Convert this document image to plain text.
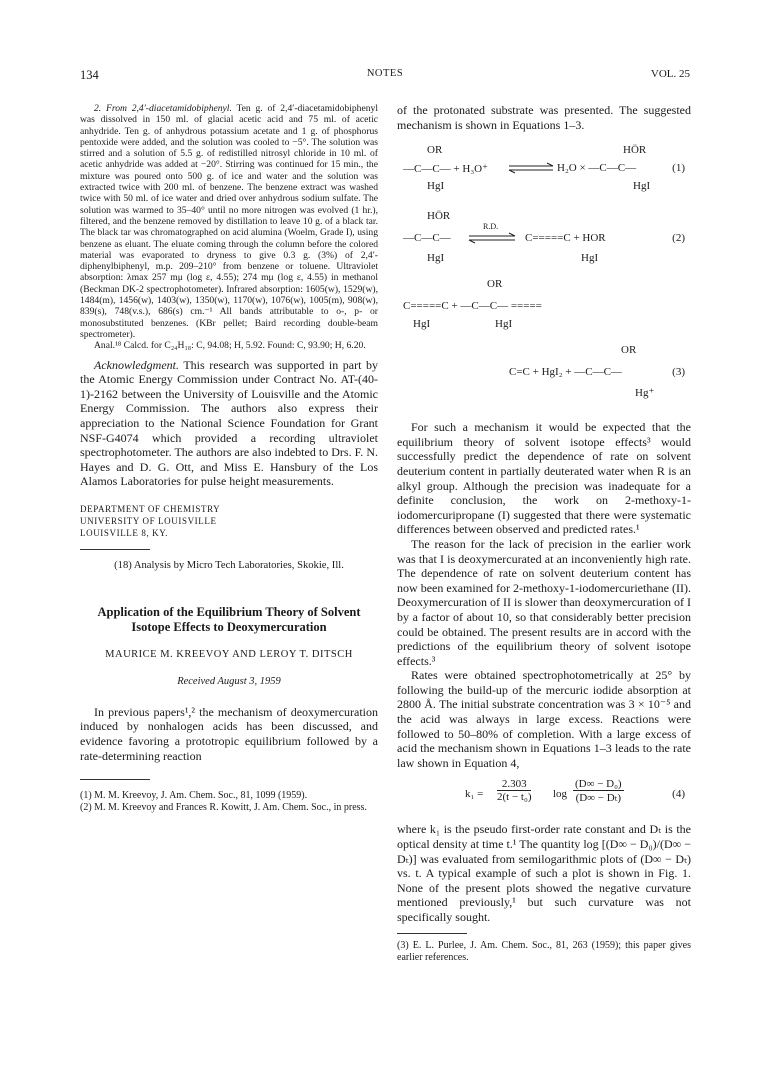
134	NOTES	VOL. 25

2. From 2,4′-diacetamidobiphenyl. Ten g. of 2,4′-diacetamidobiphenyl was dissolved in 150 ml. of glacial acetic acid and 75 ml. of acetic anhydride. Ten g. of anhydrous potassium acetate and 1 g. of phosphorus pentoxide were added, and the solution was cooled to −5°. The solution was stirred and a solution of 5.5 g. of redistilled nitrosyl chloride in 10 ml. of acetic anhydride was added at −20°. Stirring was continued for 15 min., the mixture was poured onto 500 g. of ice and water and the solution was extracted twice with 200 ml. of benzene. The benzene extract was washed twice with 50 ml. of ice water and dried over anhydrous sodium sulfate. The solution was warmed to 35–40° until no more nitrogen was evolved (1 hr.), filtered, and the benzene removed by distillation to leave 10 g. of a black tar. The black tar was chromatographed on acid alumina (Woelm, Grade I), using benzene as eluant. The eluate coming through the column before the colored material was evaporated to dryness to give 0.3 g. (3%) of 2,4′-diphenylbiphenyl, m.p. 209–210° from benzene or toluene. Ultraviolet absorption: λmax 257 mμ (log ε, 4.55); 274 mμ (log ε, 4.55) in methanol (Beckman DK-2 spectrophotometer). Infrared absorption: 1605(w), 1529(w), 1484(m), 1456(w), 1403(w), 1350(w), 1170(w), 1076(w), 1005(m), 908(w), 839(s), 748(v.s.), 686(s) cm.⁻¹ All bands attributable to o-, p- or monosubstituted benzenes. (KBr pellet; Baird recording double-beam spectrometer).

Anal.¹⁸ Calcd. for C₂₄H₁₈: C, 94.08; H, 5.92. Found: C, 93.90; H, 6.20.

Acknowledgment. This research was supported in part by the Atomic Energy Commission under Contract No. AT-(40-1)-2162 between the University of Louisville and the Atomic Energy Commission. The authors also express their appreciation to the National Science Foundation for Grant NSF-G4074 which provided a recording ultraviolet spectrophotometer. The authors are also indebted to Drs. F. N. Hayes and D. G. Ott, and Miss E. Hansbury of the Los Alamos Laboratories for pulse height measurements.

DEPARTMENT OF CHEMISTRY
UNIVERSITY OF LOUISVILLE
LOUISVILLE 8, KY.

(18) Analysis by Micro Tech Laboratories, Skokie, Ill.

Application of the Equilibrium Theory of Solvent Isotope Effects to Deoxymercuration
MAURICE M. KREEVOY AND LEROY T. DITSCH
Received August 3, 1959

In previous papers¹,² the mechanism of deoxymercuration induced by nonhalogen acids has been discussed, and evidence favoring a prototropic equilibrium followed by a rate-determining reaction

(1) M. M. Kreevoy, J. Am. Chem. Soc., 81, 1099 (1959).

(2) M. M. Kreevoy and Frances R. Kowitt, J. Am. Chem. Soc., in press.

of the protonated substrate was presented. The suggested mechanism is shown in Equations 1–3.

OR
—C—C— + H₃O⁺
HgI
HÖR
H₂O × —C—C—
HgI
(1)
HÖR
—C—C—
R.D.
C=====C + HOR
HgI	HgI
(2)
OR
C=====C + —C—C— =====
HgI	HgI
OR
C=C + HgI₂ + —C—C—
Hg⁺
(3)

For such a mechanism it would be expected that the equilibrium theory of solvent isotope effects³ would successfully predict the dependence of rate on solvent deuterium content in partially deuterated water when R is an alkyl group. Although the precision was inadequate for a definite conclusion, the work on 2-methoxy-1-iodomercuripropane (I) suggested that there were systematic differences between observed and predicted rates.¹

The reason for the lack of precision in the earlier work was that I is deoxymercurated at an inconveniently high rate. The dependence of rate on solvent deuterium content has now been examined for 2-methoxy-1-iodomercuriethane (II). Deoxymercuration of II is slower than deoxymercuration of I by a factor of about 10, so that considerably better precision could be obtained. The present results are in accord with the predictions of the equilibrium theory of solvent isotope effects.³

Rates were obtained spectrophotometrically at 25° by following the build-up of the mercuric iodide absorption at 2800 Å. The initial substrate concentration was 3 × 10⁻⁵ and the acid was always in large excess. Reactions were followed to 50–80% of completion. With a large excess of acid the mechanism shown in Equations 1–3 leads to the rate law shown in Equation 4,

$k_1 = \frac{2.303}{\text{2(t − t₀)}}$ $\log \frac{\text{(D∞ − D₀)}}{\text{(D∞ − Dₜ)}}$	(4)

where k₁ is the pseudo first-order rate constant and Dₜ is the optical density at time t.¹ The quantity log [(D∞ − D₀)/(D∞ − Dₜ)] was evaluated from semilogarithmic plots of (D∞ − Dₜ) vs. t. A typical example of such a plot is shown in Fig. 1. None of the present plots showed the negative curvature mentioned previously,¹ but such curvature was not specifically sought.

(3) E. L. Purlee, J. Am. Chem. Soc., 81, 263 (1959); this paper gives earlier references.
